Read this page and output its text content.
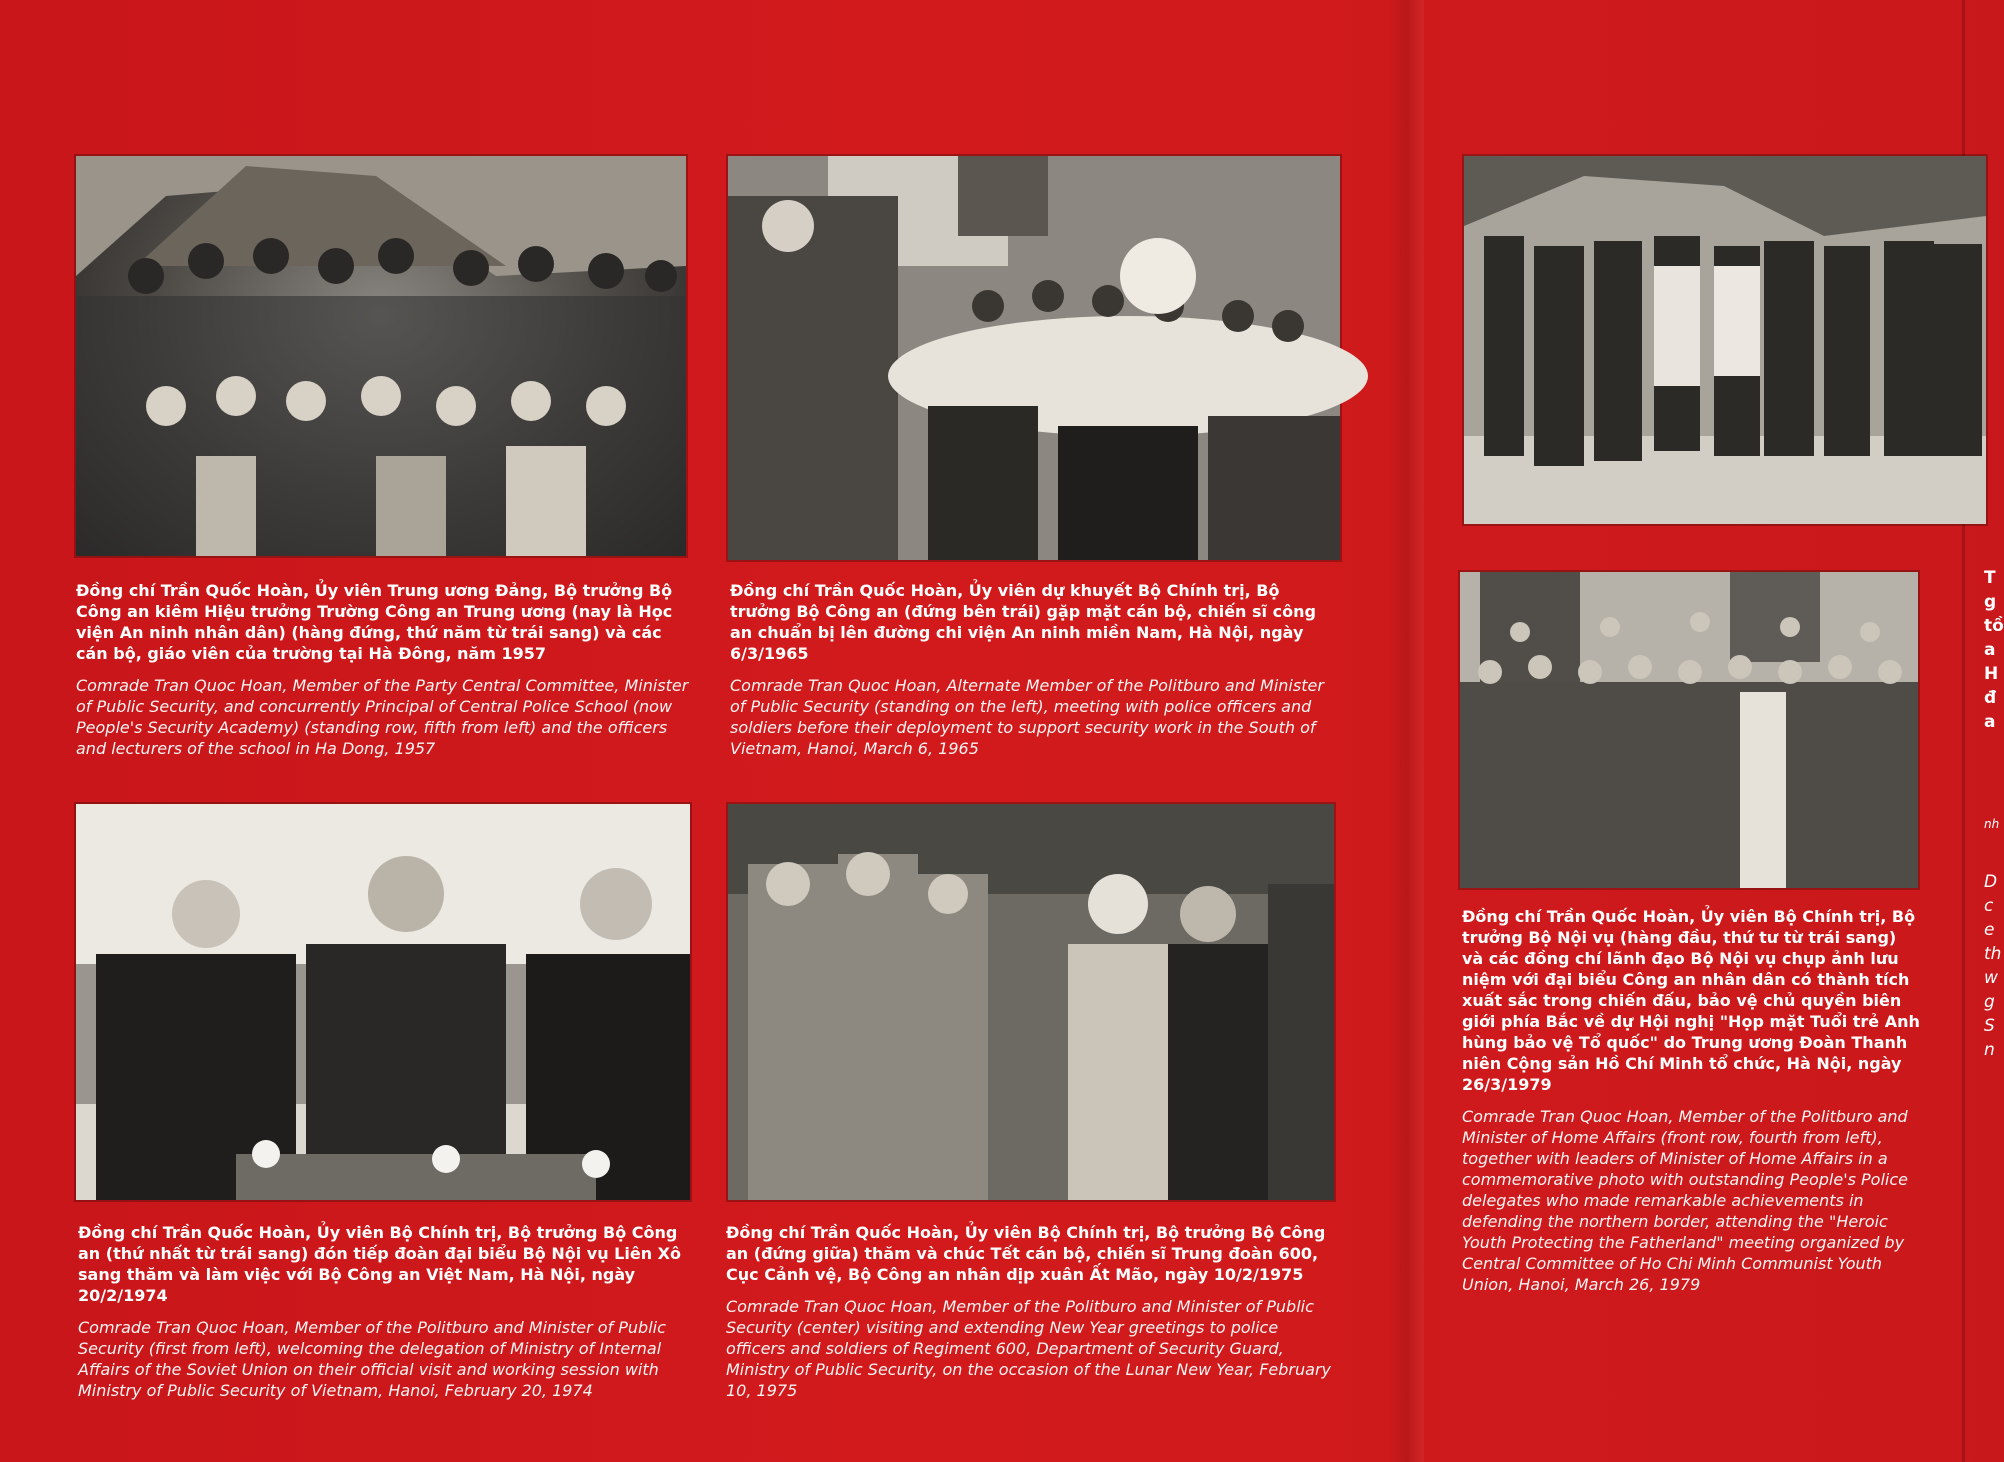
Đồng chí Trần Quốc Hoàn, Ủy viên Trung ương Đảng, Bộ trưởng Bộ Công an kiêm Hiệu trưởng Trường Công an Trung ương (nay là Học viện An ninh nhân dân) (hàng đứng, thứ năm từ trái sang) và các cán bộ, giáo viên của trường tại Hà Đông, năm 1957
Comrade Tran Quoc Hoan, Member of the Party Central Committee, Minister of Public Security, and concurrently Principal of Central Police School (now People's Security Academy) (standing row, fifth from left) and the officers and lecturers of the school in Ha Dong, 1957
Đồng chí Trần Quốc Hoàn, Ủy viên dự khuyết Bộ Chính trị, Bộ trưởng Bộ Công an (đứng bên trái) gặp mặt cán bộ, chiến sĩ công an chuẩn bị lên đường chi viện An ninh miền Nam, Hà Nội, ngày 6/3/1965
Comrade Tran Quoc Hoan, Alternate Member of the Politburo and Minister of Public Security (standing on the left), meeting with police officers and soldiers before their deployment to support security work in the South of Vietnam, Hanoi, March 6, 1965
Đồng chí Trần Quốc Hoàn, Ủy viên Bộ Chính trị, Bộ trưởng Bộ Công an (thứ nhất từ trái sang) đón tiếp đoàn đại biểu Bộ Nội vụ Liên Xô sang thăm và làm việc với Bộ Công an Việt Nam, Hà Nội, ngày 20/2/1974
Comrade Tran Quoc Hoan, Member of the Politburo and Minister of Public Security (first from left), welcoming the delegation of Ministry of Internal Affairs of the Soviet Union on their official visit and working session with Ministry of Public Security of Vietnam, Hanoi, February 20, 1974
Đồng chí Trần Quốc Hoàn, Ủy viên Bộ Chính trị, Bộ trưởng Bộ Công an (đứng giữa) thăm và chúc Tết cán bộ, chiến sĩ Trung đoàn 600, Cục Cảnh vệ, Bộ Công an nhân dịp xuân Ất Mão, ngày 10/2/1975
Comrade Tran Quoc Hoan, Member of the Politburo and Minister of Public Security (center) visiting and extending New Year greetings to police officers and soldiers of Regiment 600, Department of Security Guard, Ministry of Public Security, on the occasion of the Lunar New Year, February 10, 1975
Đồng chí Trần Quốc Hoàn, Ủy viên Bộ Chính trị, Bộ trưởng Bộ Nội vụ (hàng đầu, thứ tư từ trái sang) và các đồng chí lãnh đạo Bộ Nội vụ chụp ảnh lưu niệm với đại biểu Công an nhân dân có thành tích xuất sắc trong chiến đấu, bảo vệ chủ quyền biên giới phía Bắc về dự Hội nghị "Họp mặt Tuổi trẻ Anh hùng bảo vệ Tổ quốc" do Trung ương Đoàn Thanh niên Cộng sản Hồ Chí Minh tổ chức, Hà Nội, ngày 26/3/1979
Comrade Tran Quoc Hoan, Member of the Politburo and Minister of Home Affairs (front row, fourth from left), together with leaders of Minister of Home Affairs in a commemorative photo with outstanding People's Police delegates who made remarkable achievements in defending the northern border, attending the "Heroic Youth Protecting the Fatherland" meeting organized by Central Committee of Ho Chi Minh Communist Youth Union, Hanoi, March 26, 1979
T
g
tồ
a
H
đ
a
nh
D
c
e
th
w
g
S
n
